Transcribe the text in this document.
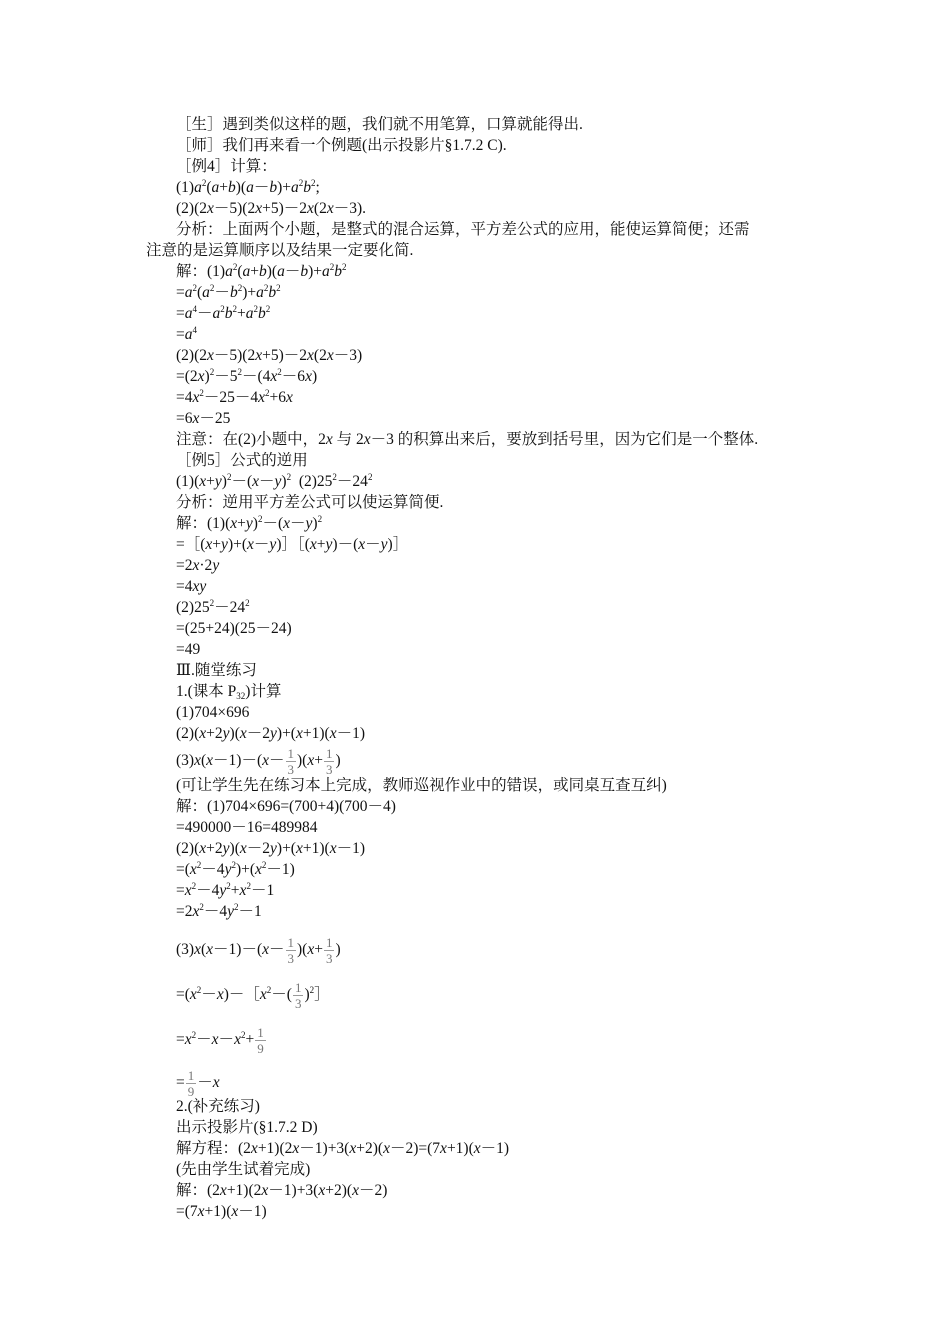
［生］遇到类似这样的题，我们就不用笔算，口算就能得出.
［师］我们再来看一个例题(出示投影片§1.7.2 C).
［例4］计算：
$(1)a^2(a+b)(a-b)+a^2b^2$;
(2)(2x－5)(2x+5)－2x(2x－3).
分析：上面两个小题，是整式的混合运算，平方差公式的应用，能使运算简便；还需
注意的是运算顺序以及结果一定要化简.
解：$(1)a^2(a+b)(a-b)+a^2b^2$
$=a^2(a^2-b^2)+a^2b^2$
$=a^4-a^2b^2+a^2b^2$
$=a^4$
(2)(2x－5)(2x+5)－2x(2x－3)
$=(2x)^2-5^2-(4x^2-6x)$
$=4x^2-25-4x^2+6x$
=6x－25
注意：在(2)小题中，2x 与 2x－3 的积算出来后，要放到括号里，因为它们是一个整体.
［例5］公式的逆用
$(1)(x+y)^2-(x-y)^2$  $(2)25^2-24^2$
分析：逆用平方差公式可以使运算简便.
解：$(1)(x+y)^2-(x-y)^2$
=［(x+y)+(x－y)］［(x+y)－(x－y)］
=2x·2y
=4xy
$(2)25^2-24^2$
=(25+24)(25－24)
=49
Ⅲ.随堂练习
1.(课本 $P_{32}$)计算
(1)704×696
(2)(x+2y)(x－2y)+(x+1)(x－1)
$(3)x(x-1)-(x- \frac{1}{3} )(x+ \frac{1}{3}$ )
(可让学生先在练习本上完成，教师巡视作业中的错误，或同桌互查互纠)
解：(1)704×696=(700+4)(700－4)
=490000－16=489984
(2)(x+2y)(x－2y)+(x+1)(x－1)
$=(x^2-4y^2)+(x^2-1)$
$=x^2-4y^2+x^2-1$
$=2x^2-4y^2-1$
$(3)x(x-1)-(x- \frac{1}{3} )(x+ \frac{1}{3}$ )
$=(x^2-x)-[x^2-( \frac{1}{3}$ )$^2$］
$=x^2-x-x^2+ \frac{1}{9}$
= $\frac{1}{9} -x$
2.(补充练习)
出示投影片(§1.7.2 D)
解方程：(2x+1)(2x－1)+3(x+2)(x－2)=(7x+1)(x－1)
(先由学生试着完成)
解：(2x+1)(2x－1)+3(x+2)(x－2)
=(7x+1)(x－1)
